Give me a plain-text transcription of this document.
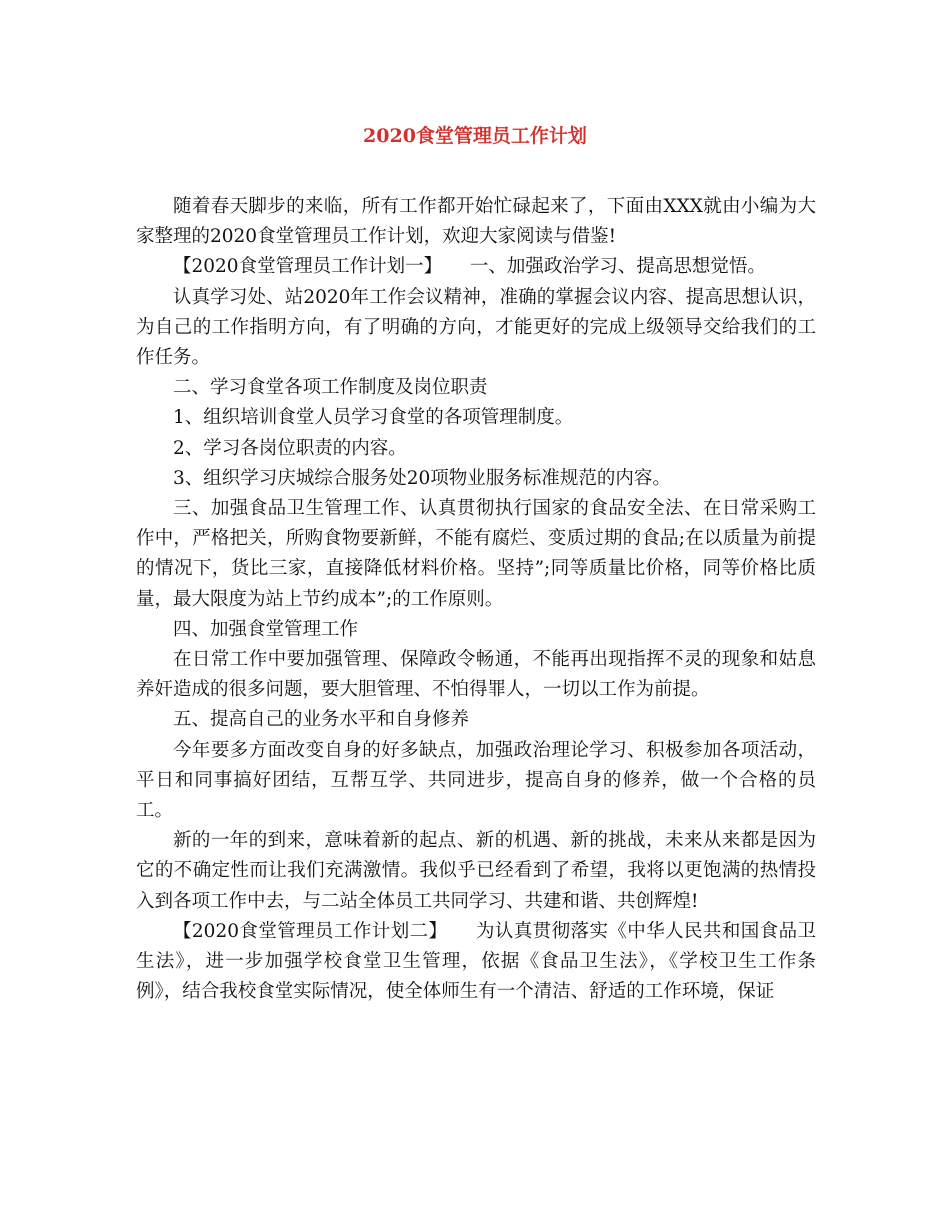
2020食堂管理员工作计划

随着春天脚步的来临，所有工作都开始忙碌起来了，下面由XXX就由小编为大家整理的2020食堂管理员工作计划，欢迎大家阅读与借鉴!

【2020食堂管理员工作计划一】　　一、加强政治学习、提高思想觉悟。

认真学习处、站2020年工作会议精神，准确的掌握会议内容、提高思想认识，为自己的工作指明方向，有了明确的方向，才能更好的完成上级领导交给我们的工作任务。

二、学习食堂各项工作制度及岗位职责

1、组织培训食堂人员学习食堂的各项管理制度。

2、学习各岗位职责的内容。

3、组织学习庆城综合服务处20项物业服务标准规范的内容。

三、加强食品卫生管理工作、认真贯彻执行国家的食品安全法、在日常采购工作中，严格把关，所购食物要新鲜，不能有腐烂、变质过期的食品;在以质量为前提的情况下，货比三家，直接降低材料价格。坚持”;同等质量比价格，同等价格比质量，最大限度为站上节约成本”;的工作原则。

四、加强食堂管理工作

在日常工作中要加强管理、保障政令畅通，不能再出现指挥不灵的现象和姑息养奸造成的很多问题，要大胆管理、不怕得罪人，一切以工作为前提。

五、提高自己的业务水平和自身修养

今年要多方面改变自身的好多缺点，加强政治理论学习、积极参加各项活动，平日和同事搞好团结，互帮互学、共同进步，提高自身的修养，做一个合格的员工。

新的一年的到来，意味着新的起点、新的机遇、新的挑战，未来从来都是因为它的不确定性而让我们充满激情。我似乎已经看到了希望，我将以更饱满的热情投入到各项工作中去，与二站全体员工共同学习、共建和谐、共创辉煌!

【2020食堂管理员工作计划二】　　为认真贯彻落实《中华人民共和国食品卫生法》，进一步加强学校食堂卫生管理，依据《食品卫生法》，《学校卫生工作条例》，结合我校食堂实际情况，使全体师生有一个清洁、舒适的工作环境，保证
